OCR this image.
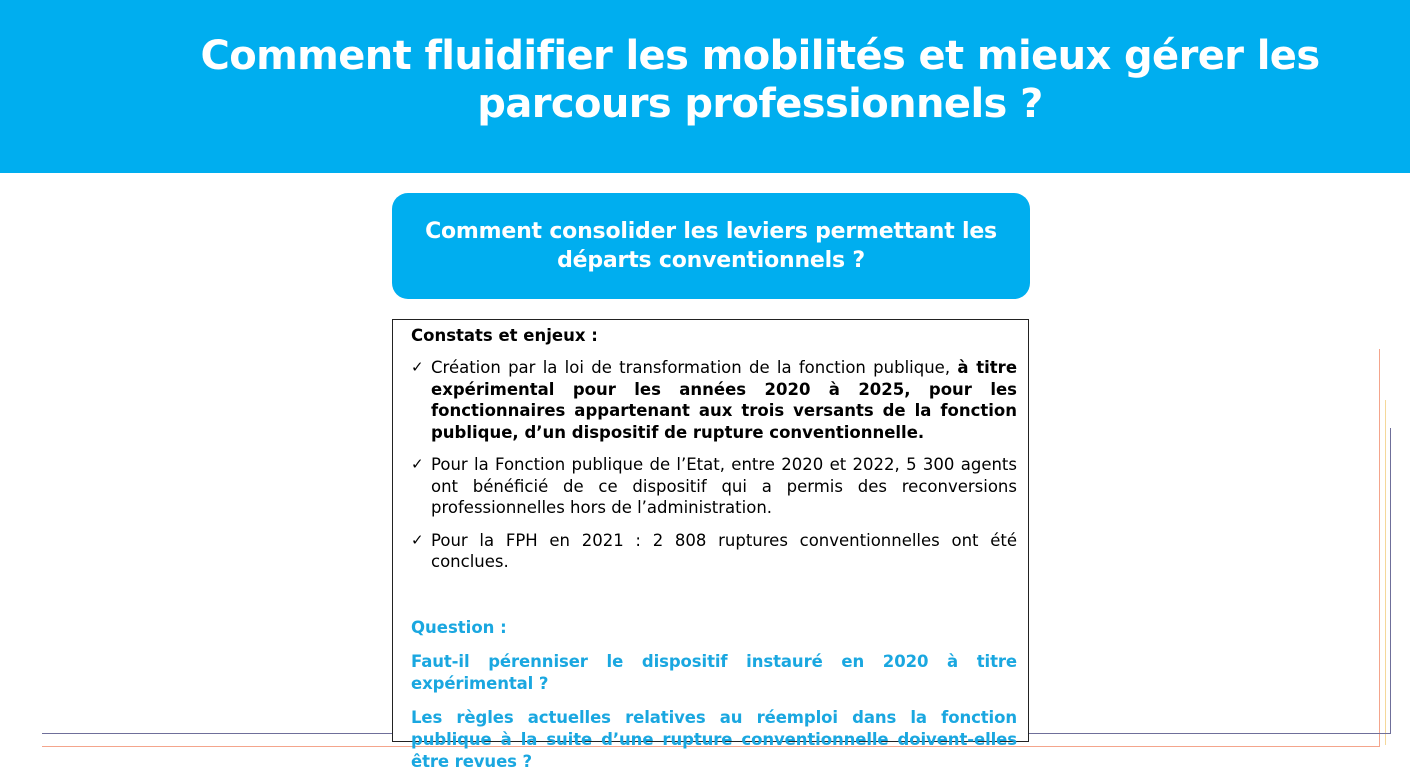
Comment fluidifier les mobilités et mieux gérer les parcours professionnels ?

Comment consolider les leviers permettant les départs conventionnels ?

Constats et enjeux :

✓ Création par la loi de transformation de la fonction publique, à titre expérimental pour les années 2020 à 2025, pour les fonctionnaires appartenant aux trois versants de la fonction publique, d’un dispositif de rupture conventionnelle.
✓ Pour la Fonction publique de l’Etat, entre 2020 et 2022, 5 300 agents ont bénéficié de ce dispositif qui a permis des reconversions professionnelles hors de l’administration.
✓ Pour la FPH en 2021 : 2 808 ruptures conventionnelles ont été conclues.

Question :

Faut-il pérenniser le dispositif instauré en 2020 à titre expérimental ?

Les règles actuelles relatives au réemploi dans la fonction publique à la suite d’une rupture conventionnelle doivent-elles être revues ?
